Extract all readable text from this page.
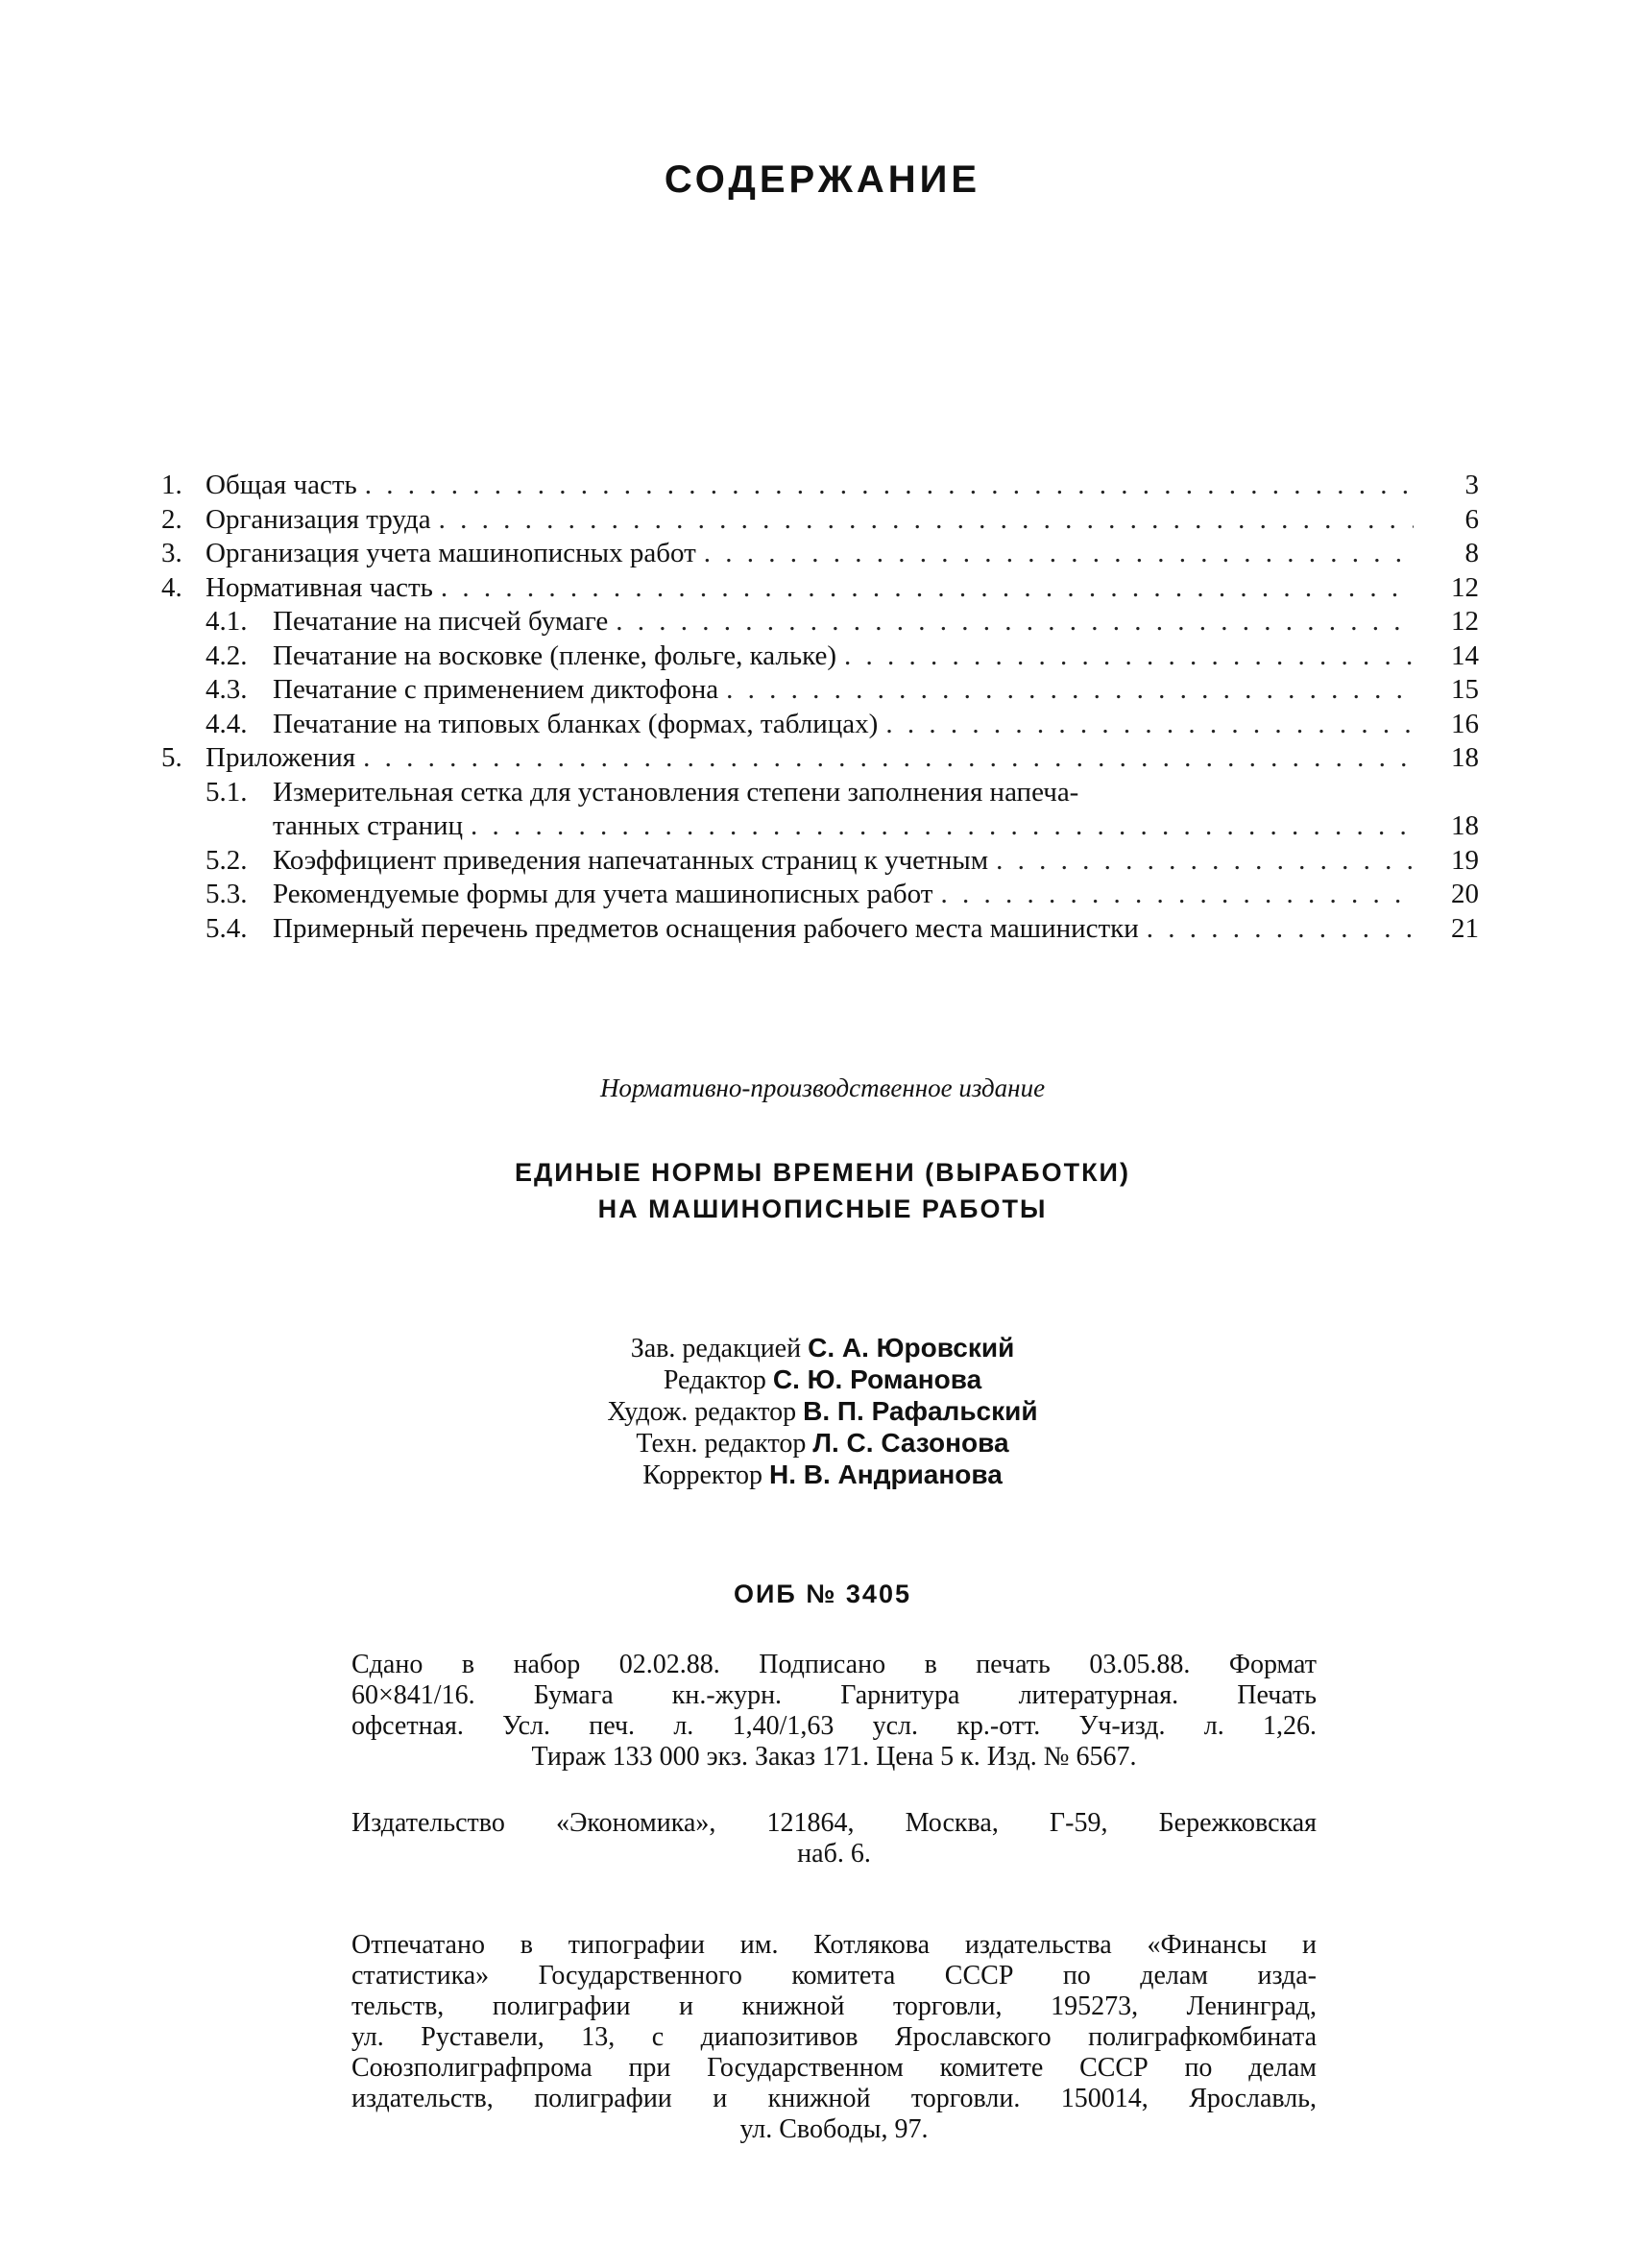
СОДЕРЖАНИЕ
1. Общая часть . . .	3
2. Организация труда . . .	6
3. Организация учета машинописных работ . . .	8
4. Нормативная часть . . .	12
4.1. Печатание на писчей бумаге . . .	12
4.2. Печатание на восковке (пленке, фольге, кальке) . . .	14
4.3. Печатание с применением диктофона . . .	15
4.4. Печатание на типовых бланках (формах, таблицах) . . .	16
5. Приложения . . .	18
5.1. Измерительная сетка для установления степени заполнения напеча-
танных страниц . . .	18
5.2. Коэффициент приведения напечатанных страниц к учетным . . .	19
5.3. Рекомендуемые формы для учета машинописных работ . . .	20
5.4. Примерный перечень предметов оснащения рабочего места машинистки . . .	21
Нормативно-производственное издание
ЕДИНЫЕ НОРМЫ ВРЕМЕНИ (ВЫРАБОТКИ)
НА МАШИНОПИСНЫЕ РАБОТЫ
Зав. редакцией С. А. Юровский
Редактор С. Ю. Романова
Худож. редактор В. П. Рафальский
Техн. редактор Л. С. Сазонова
Корректор Н. В. Андрианова
ОИБ № 3405
Сдано в набор 02.02.88. Подписано в печать 03.05.88. Формат
60×841/16. Бумага кн.-журн. Гарнитура литературная. Печать
офсетная. Усл. печ. л. 1,40/1,63 усл. кр.-отт. Уч-изд. л. 1,26.
Тираж 133 000 экз. Заказ 171. Цена 5 к. Изд. № 6567.
Издательство «Экономика», 121864, Москва, Г-59, Бережковская
наб. 6.
Отпечатано в типографии им. Котлякова издательства «Финансы и
статистика» Государственного комитета СССР по делам изда-
тельств, полиграфии и книжной торговли, 195273, Ленинград,
ул. Руставели, 13, с диапозитивов Ярославского полиграфкомбината
Союзполиграфпрома при Государственном комитете СССР по делам
издательств, полиграфии и книжной торговли. 150014, Ярославль,
ул. Свободы, 97.
